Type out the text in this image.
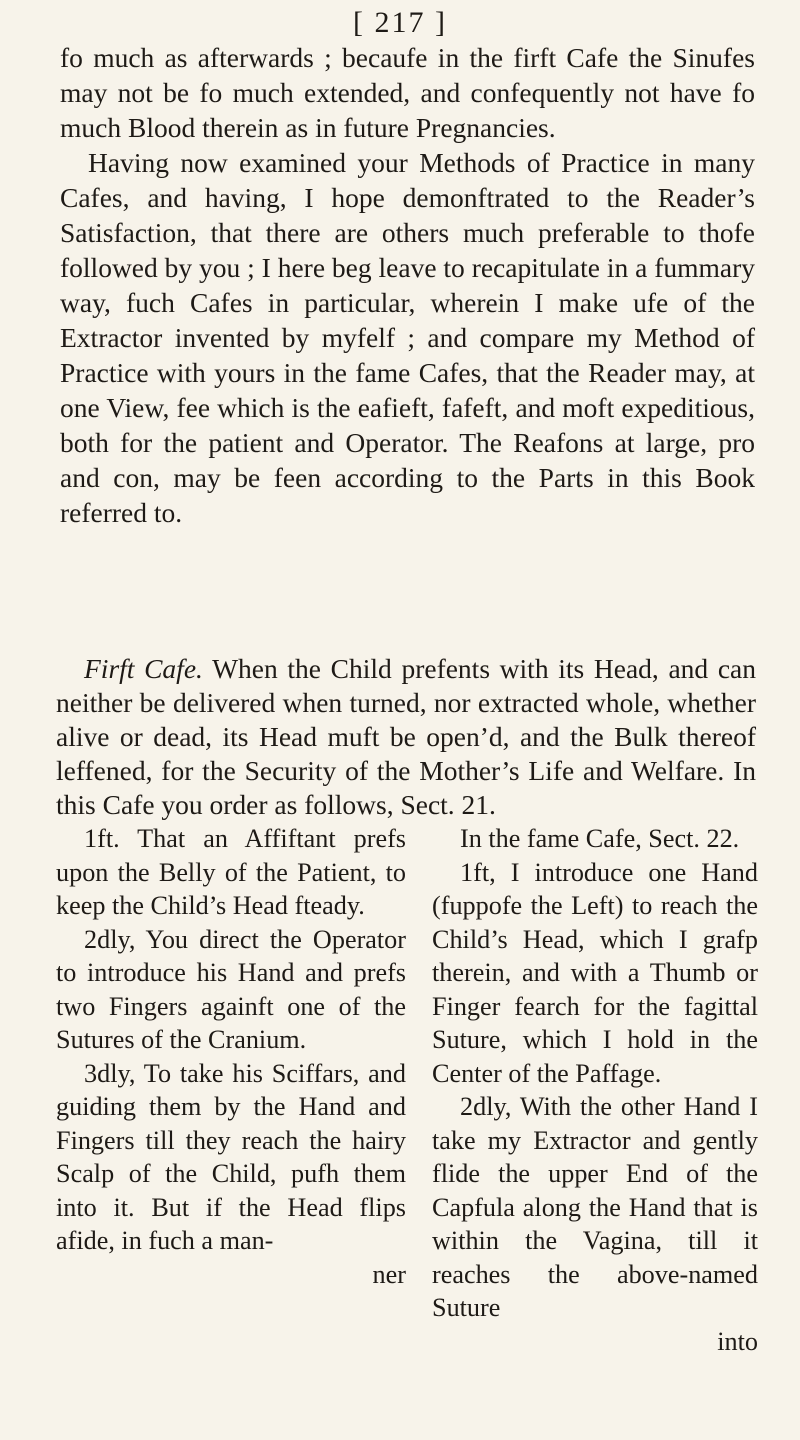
[ 217 ]

fo much as afterwards ; becaufe in the firft Cafe the Sinufes may not be fo much extended, and confequently not have fo much Blood therein as in future Pregnancies.

Having now examined your Methods of Practice in many Cafes, and having, I hope demonftrated to the Reader’s Satisfaction, that there are others much preferable to thofe followed by you ; I here beg leave to recapitulate in a fummary way, fuch Cafes in particular, wherein I make ufe of the Extractor invented by myfelf ; and compare my Method of Practice with yours in the fame Cafes, that the Reader may, at one View, fee which is the eafieft, fafeft, and moft expeditious, both for the patient and Operator. The Reafons at large, pro and con, may be feen according to the Parts in this Book referred to.

Firft Cafe. When the Child prefents with its Head, and can neither be delivered when turned, nor extracted whole, whether alive or dead, its Head muft be open’d, and the Bulk thereof leffened, for the Security of the Mother’s Life and Welfare. In this Cafe you order as follows, Sect. 21.

1ft. That an Affiftant prefs upon the Belly of the Patient, to keep the Child’s Head fteady.

2dly, You direct the Operator to introduce his Hand and prefs two Fingers againft one of the Sutures of the Cranium.

3dly, To take his Sciffars, and guiding them by the Hand and Fingers till they reach the hairy Scalp of the Child, pufh them into it. But if the Head flips afide, in fuch a man-

ner

In the fame Cafe, Sect. 22.

1ft, I introduce one Hand (fuppofe the Left) to reach the Child’s Head, which I grafp therein, and with a Thumb or Finger fearch for the fagittal Suture, which I hold in the Center of the Paffage.

2dly, With the other Hand I take my Extractor and gently flide the upper End of the Capfula along the Hand that is within the Vagina, till it reaches the above-named Suture

into
